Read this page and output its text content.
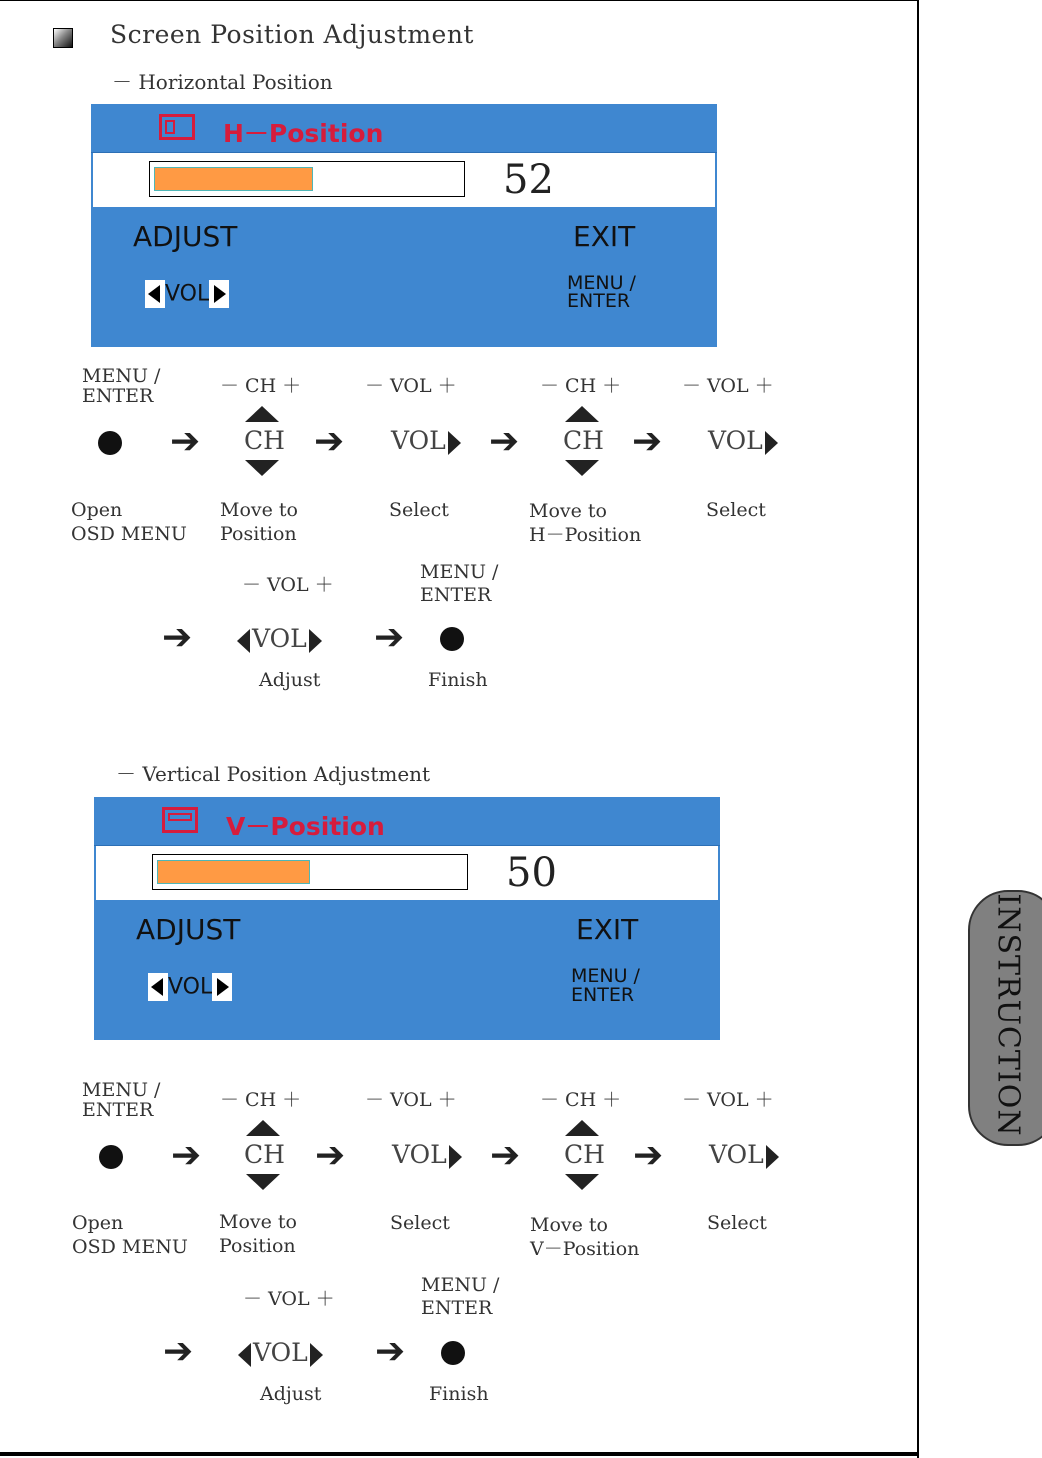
Screen Position Adjustment
－ Horizontal Position
H－Position
52
ADJUST	EXIT
VOL	MENU /
ENTER
MENU /
ENTER	－ CH ＋	－ VOL ＋	－ CH ＋	－ VOL ＋
➔ CH ➔ VOL	➔ CH ➔ VOL
Open
OSD MENU
Move to
Position
Select	Move to
H－Position
Select
－ VOL ＋
MENU /
ENTER
➔	VOL	➔
Adjust	Finish
－ Vertical Position Adjustment
V－Position
50
ADJUST	EXIT
VOL	MENU /
ENTER
MENU /
ENTER	－ CH ＋	－ VOL ＋	－ CH ＋	－ VOL ＋
➔ CH ➔ VOL	➔ CH ➔ VOL
Open
OSD MENU
Move to
Position
Select	Move to
V－Position
Select
－ VOL ＋
MENU /
ENTER
➔	VOL	➔
Adjust	Finish
INSTRUCTION
